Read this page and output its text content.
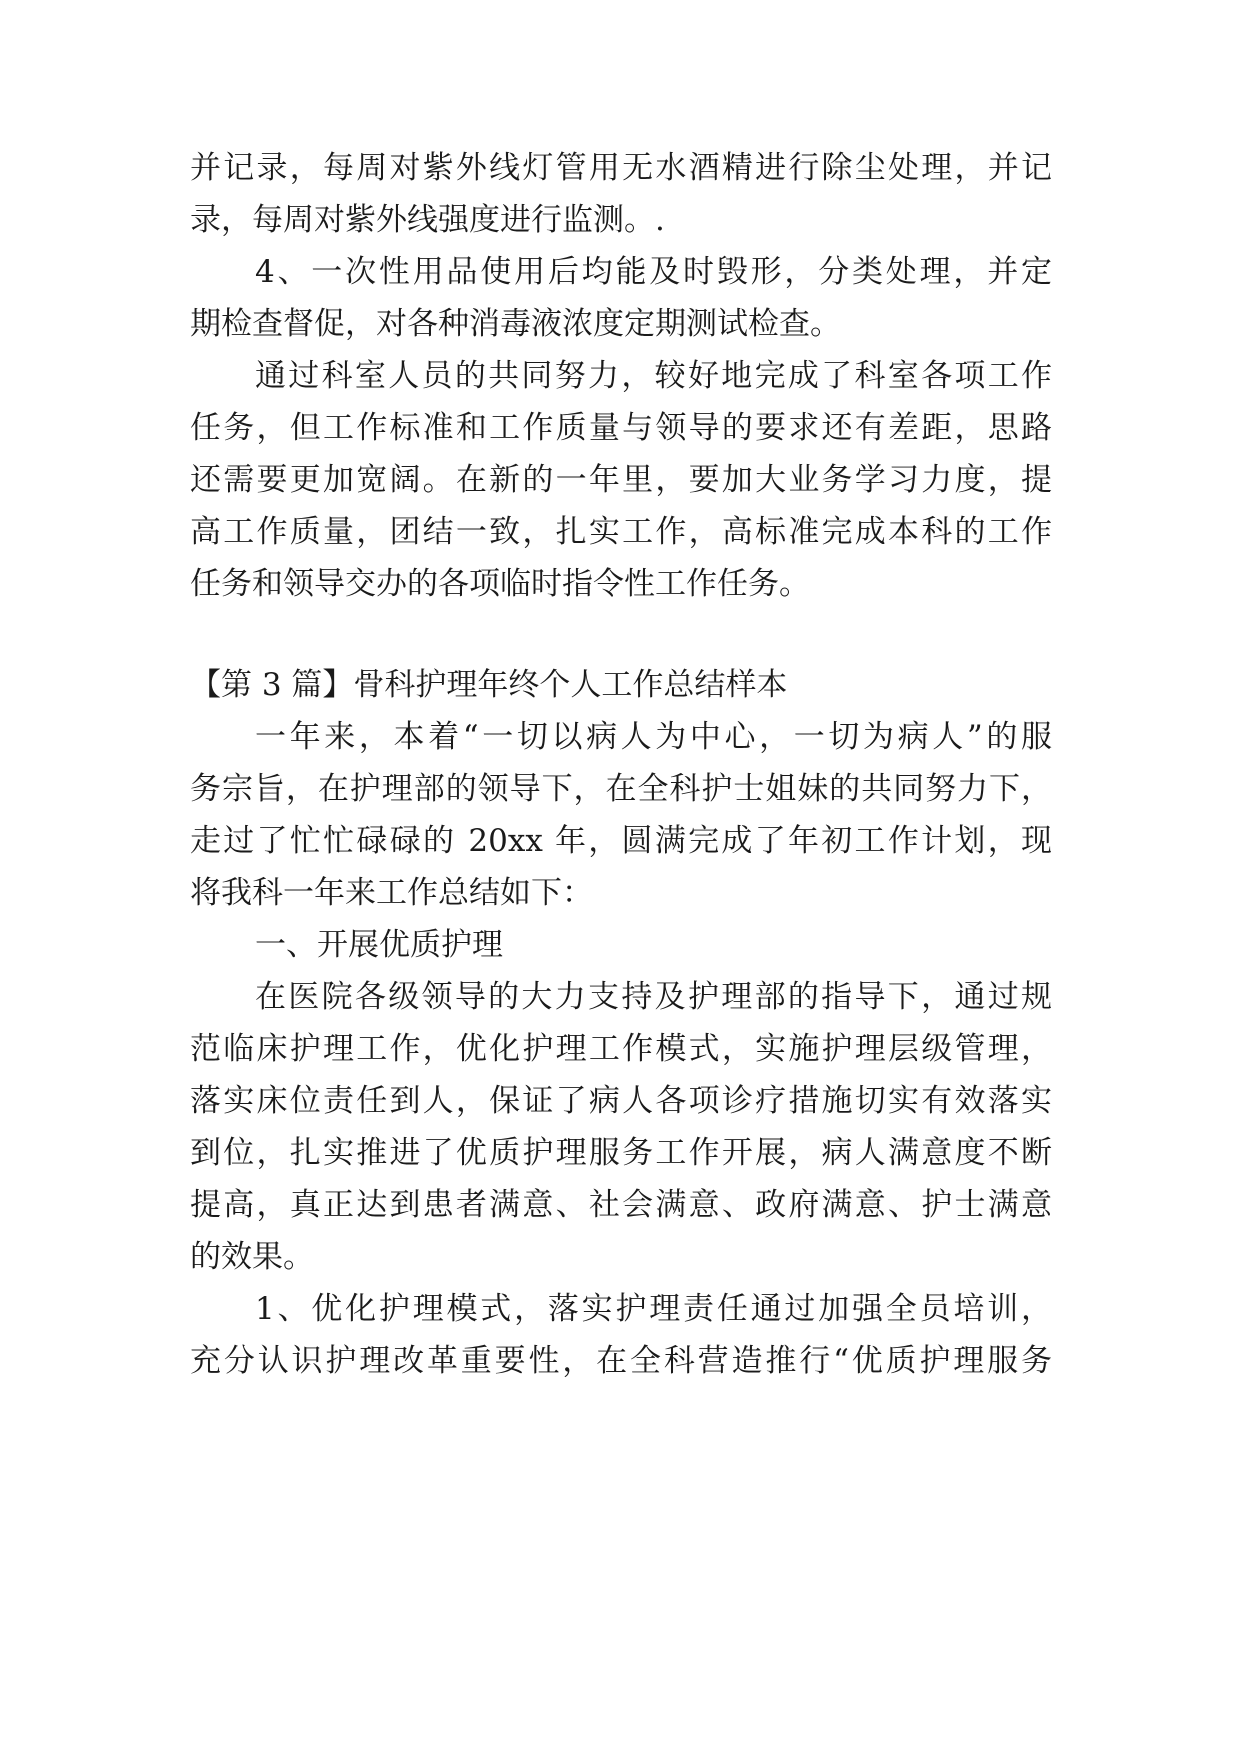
并记录，每周对紫外线灯管用无水酒精进行除尘处理，并记
录，每周对紫外线强度进行监测。.
4、一次性用品使用后均能及时毁形，分类处理，并定
期检查督促，对各种消毒液浓度定期测试检查。
通过科室人员的共同努力，较好地完成了科室各项工作
任务，但工作标准和工作质量与领导的要求还有差距，思路
还需要更加宽阔。在新的一年里，要加大业务学习力度，提
高工作质量，团结一致，扎实工作，高标准完成本科的工作
任务和领导交办的各项临时指令性工作任务。
【第 3 篇】骨科护理年终个人工作总结样本
一年来，本着“一切以病人为中心，一切为病人”的服
务宗旨，在护理部的领导下，在全科护士姐妹的共同努力下，
走过了忙忙碌碌的 20xx 年，圆满完成了年初工作计划，现
将我科一年来工作总结如下：
一、开展优质护理
在医院各级领导的大力支持及护理部的指导下，通过规
范临床护理工作，优化护理工作模式，实施护理层级管理，
落实床位责任到人，保证了病人各项诊疗措施切实有效落实
到位，扎实推进了优质护理服务工作开展，病人满意度不断
提高，真正达到患者满意、社会满意、政府满意、护士满意
的效果。
1、优化护理模式，落实护理责任通过加强全员培训，
充分认识护理改革重要性，在全科营造推行“优质护理服务
